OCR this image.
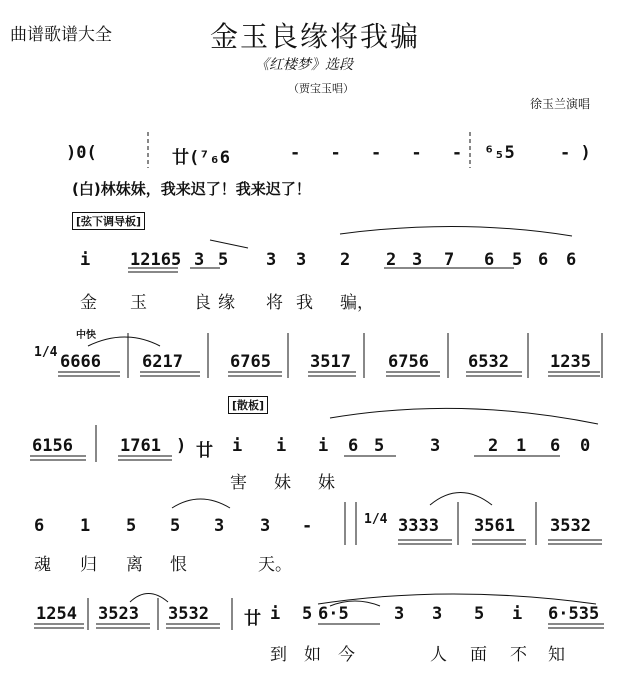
曲谱歌谱大全	金玉良缘将我骗
《红楼梦》选段
（贾宝玉唱）
徐玉兰演唱
)0(	廿(⁷₆6	- - - - - ⁶₅5	- )
(白)林妹妹，我来迟了！我来迟了！
[弦下调导板]
i 12165 3 5 3 3 2 2 3 7 6 5 6 6
金 玉	良 缘 将 我 骗，
中快
1/4 6666 6217	6765 3517 6756 6532 1235
[散板]
6156	1761 ) 廿 i i i 6 5	3	2 1 6 0
害 妹 妹
6 1 5 5 3 3 -	1/4 3333 3561 3532
魂 归 离 恨	天。
1254 3523 3532 廿 i 5 6·5	3 3 5 i 6·535
到 如 今	人 面 不 知
